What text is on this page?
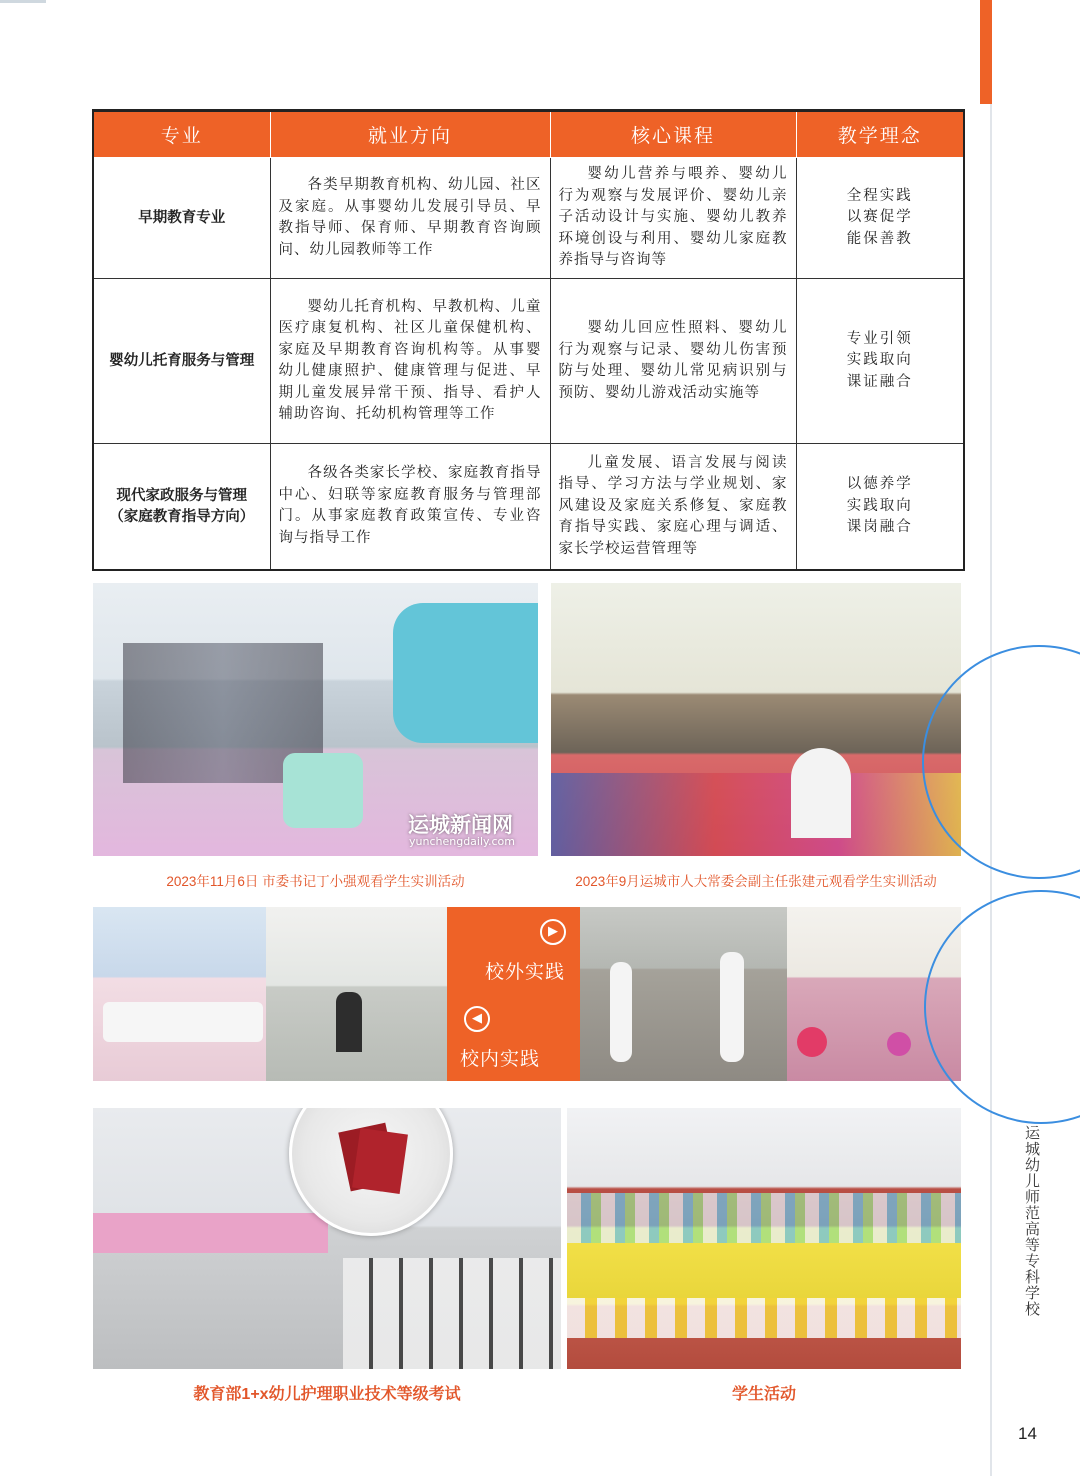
专业	就业方向	核心课程	教学理念
早期教育专业	各类早期教育机构、幼儿园、社区及家庭。从事婴幼儿发展引导员、早教指导师、保育师、早期教育咨询顾问、幼儿园教师等工作	婴幼儿营养与喂养、婴幼儿行为观察与发展评价、婴幼儿亲子活动设计与实施、婴幼儿教养环境创设与利用、婴幼儿家庭教养指导与咨询等	全程实践
以赛促学
能保善教

婴幼儿托育服务与管理	婴幼儿托育机构、早教机构、儿童医疗康复机构、社区儿童保健机构、家庭及早期教育咨询机构等。从事婴幼儿健康照护、健康管理与促进、早期儿童发展异常干预、指导、看护人辅助咨询、托幼机构管理等工作	婴幼儿回应性照料、婴幼儿行为观察与记录、婴幼儿伤害预防与处理、婴幼儿常见病识别与预防、婴幼儿游戏活动实施等	专业引领
实践取向
课证融合

现代家政服务与管理（家庭教育指导方向）	各级各类家长学校、家庭教育指导中心、妇联等家庭教育服务与管理部门。从事家庭教育政策宣传、专业咨询与指导工作	儿童发展、语言发展与阅读指导、学习方法与学业规划、家风建设及家庭关系修复、家庭教育指导实践、家庭心理与调适、家长学校运营管理等	以德养学
实践取向
课岗融合
运城新闻网
yunchengdaily.com
2023年11月6日 市委书记丁小强观看学生实训活动	2023年9月运城市人大常委会副主任张建元观看学生实训活动
▶
校外实践
◀
校内实践
教育部1+x幼儿护理职业技术等级考试	学生活动
运城幼儿师范高等专科学校
14
